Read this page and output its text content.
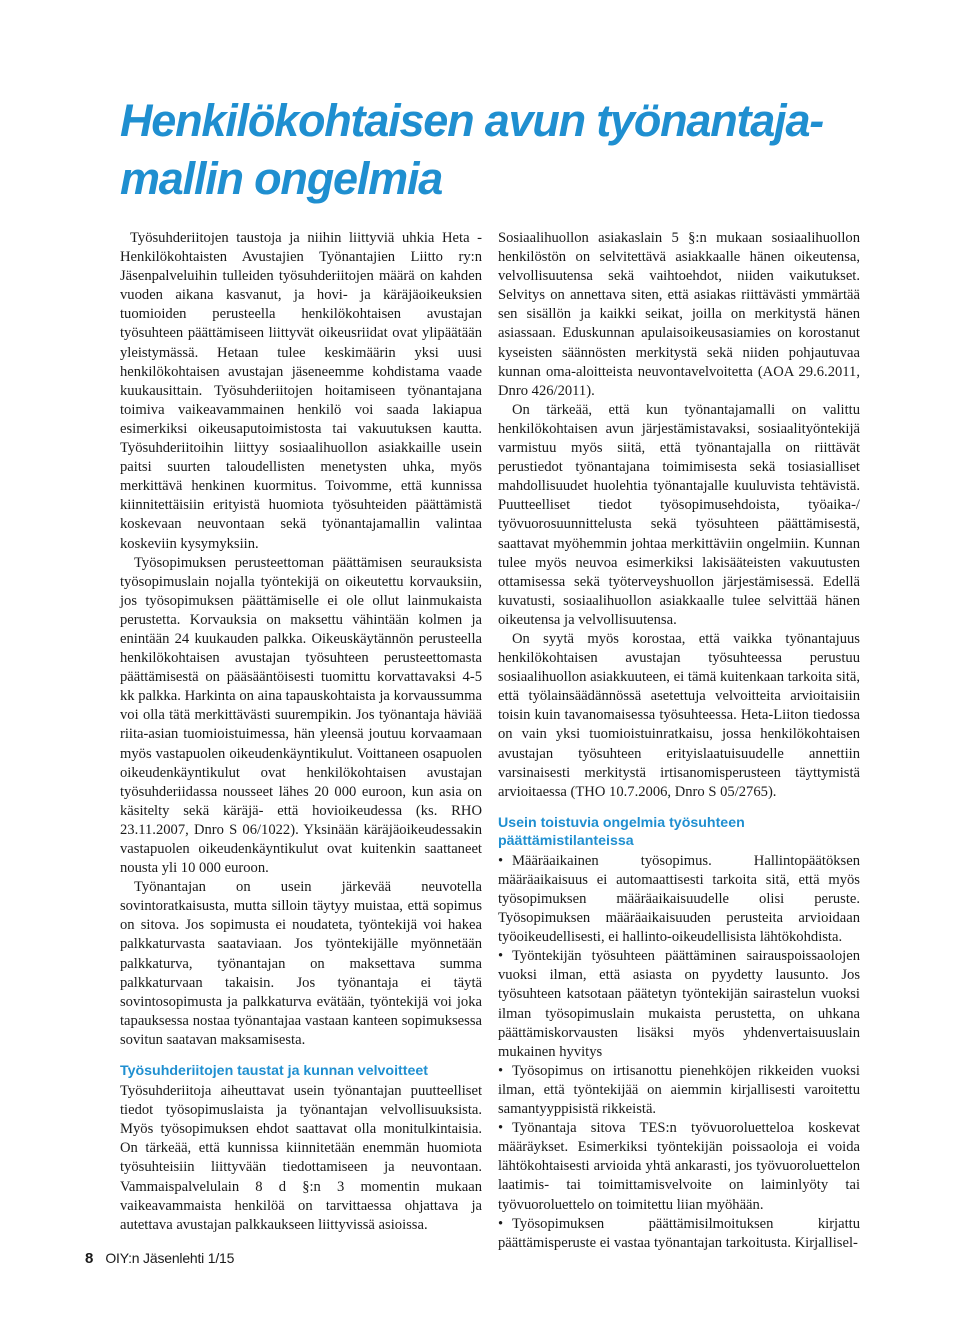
Henkilökohtaisen avun työnantaja-
mallin ongelmia

Työsuhderiitojen taustoja ja niihin liittyviä uhkia Heta - Henkilökohtaisten Avustajien Työnantajien Liitto ry:n Jäsenpalveluihin tulleiden työsuhderiitojen määrä on kahden vuoden aikana kasvanut, ja hovi- ja käräjäoikeuksien tuomioiden perusteella henkilökohtaisen avustajan työsuhteen päättämiseen liittyvät oikeusriidat ovat ylipäätään yleistymässä. Hetaan tulee keskimäärin yksi uusi henkilökohtaisen avustajan jäseneemme kohdistama vaade kuukausittain. Työsuhderiitojen hoitamiseen työnantajana toimiva vaikeavammainen henkilö voi saada lakiapua esimerkiksi oikeusaputoimistosta tai vakuutuksen kautta. Työsuhderiitoihin liittyy sosiaalihuollon asiakkaille usein paitsi suurten taloudellisten menetysten uhka, myös merkittävä henkinen kuormitus. Toivomme, että kunnissa kiinnitettäisiin erityistä huomiota työsuhteiden päättämistä koskevaan neuvontaan sekä työnantajamallin valintaa koskeviin kysymyksiin.

Työsopimuksen perusteettoman päättämisen seurauksista työsopimuslain nojalla työntekijä on oikeutettu korvauksiin, jos työsopimuksen päättämiselle ei ole ollut lainmukaista perustetta. Korvauksia on maksettu vähintään kolmen ja enintään 24 kuukauden palkka. Oikeuskäytännön perusteella henkilökohtaisen avustajan työsuhteen perusteettomasta päättämisestä on pääsääntöisesti tuomittu korvattavaksi 4-5 kk palkka. Harkinta on aina tapauskohtaista ja korvaussumma voi olla tätä merkittävästi suurempikin. Jos työnantaja häviää riita-asian tuomioistuimessa, hän yleensä joutuu korvaamaan myös vastapuolen oikeudenkäyntikulut. Voittaneen osapuolen oikeudenkäyntikulut ovat henkilökohtaisen avustajan työsuhderiidassa nousseet lähes 20 000 euroon, kun asia on käsitelty sekä käräjä- että hovioikeudessa (ks. RHO 23.11.2007, Dnro S 06/1022). Yksinään käräjäoikeudessakin vastapuolen oikeudenkäyntikulut ovat kuitenkin saattaneet nousta yli 10 000 euroon.

Työnantajan on usein järkevää neuvotella sovintoratkaisusta, mutta silloin täytyy muistaa, että sopimus on sitova. Jos sopimusta ei noudateta, työntekijä voi hakea palkkaturvasta saataviaan. Jos työntekijälle myönnetään palkkaturva, työnantajan on maksettava summa palkkaturvaan takaisin. Jos työnantaja ei täytä sovintosopimusta ja palkkaturva evätään, työntekijä voi joka tapauksessa nostaa työnantajaa vastaan kanteen sopimuksessa sovitun saatavan maksamisesta.

Työsuhderiitojen taustat ja kunnan velvoitteet

Työsuhderiitoja aiheuttavat usein työnantajan puutteelliset tiedot työsopimuslaista ja työnantajan velvollisuuksista. Myös työsopimuksen ehdot saattavat olla monitulkintaisia. On tärkeää, että kunnissa kiinnitetään enemmän huomiota työsuhteisiin liittyvään tiedottamiseen ja neuvontaan. Vammaispalvelulain 8 d §:n 3 momentin mukaan vaikeavammaista henkilöä on tarvittaessa ohjattava ja autettava avustajan palkkaukseen liittyvissä asioissa.

Sosiaalihuollon asiakaslain 5 §:n mukaan sosiaalihuollon henkilöstön on selvitettävä asiakkaalle hänen oikeutensa, velvollisuutensa sekä vaihtoehdot, niiden vaikutukset. Selvitys on annettava siten, että asiakas riittävästi ymmärtää sen sisällön ja kaikki seikat, joilla on merkitystä hänen asiassaan. Eduskunnan apulaisoikeusasiamies on korostanut kyseisten säännösten merkitystä sekä niiden pohjautuvaa kunnan oma-aloitteista neuvontavelvoitetta (AOA 29.6.2011, Dnro 426/2011).

On tärkeää, että kun työnantajamalli on valittu henkilökohtaisen avun järjestämistavaksi, sosiaalityöntekijä varmistuu myös siitä, että työnantajalla on riittävät perustiedot työnantajana toimimisesta sekä tosiasialliset mahdollisuudet huolehtia työnantajalle kuuluvista tehtävistä. Puutteelliset tiedot työsopimusehdoista, työaika-/ työvuorosuunnittelusta sekä työsuhteen päättämisestä, saattavat myöhemmin johtaa merkittäviin ongelmiin. Kunnan tulee myös neuvoa esimerkiksi lakisääteisten vakuutusten ottamisessa sekä työterveyshuollon järjestämisessä. Edellä kuvatusti, sosiaalihuollon asiakkaalle tulee selvittää hänen oikeutensa ja velvollisuutensa.

On syytä myös korostaa, että vaikka työnantajuus henkilökohtaisen avustajan työsuhteessa perustuu sosiaalihuollon asiakkuuteen, ei tämä kuitenkaan tarkoita sitä, että työlainsäädännössä asetettuja velvoitteita arvioitaisiin toisin kuin tavanomaisessa työsuhteessa. Heta-Liiton tiedossa on vain yksi tuomioistuinratkaisu, jossa henkilökohtaisen avustajan työsuhteen erityislaatuisuudelle annettiin varsinaisesti merkitystä irtisanomisperusteen täyttymistä arvioitaessa (THO 10.7.2006, Dnro S 05/2765).

Usein toistuvia ongelmia työsuhteen päättämistilanteissa

• Määräaikainen työsopimus. Hallintopäätöksen määräaikaisuus ei automaattisesti tarkoita sitä, että myös työsopimuksen määräaikaisuudelle olisi peruste. Työsopimuksen määräaikaisuuden perusteita arvioidaan työoikeudellisesti, ei hallinto-oikeudellisista lähtökohdista.

• Työntekijän työsuhteen päättäminen sairauspoissaolojen vuoksi ilman, että asiasta on pyydetty lausunto. Jos työsuhteen katsotaan päätetyn työntekijän sairastelun vuoksi ilman työsopimuslain mukaista perustetta, on uhkana päättämiskorvausten lisäksi myös yhdenvertaisuuslain mukainen hyvitys

• Työsopimus on irtisanottu pienehköjen rikkeiden vuoksi ilman, että työntekijää on aiemmin kirjallisesti varoitettu samantyyppisistä rikkeistä.

• Työnantaja sitova TES:n työvuoroluetteloa koskevat määräykset. Esimerkiksi työntekijän poissaoloja ei voida lähtökohtaisesti arvioida yhtä ankarasti, jos työvuoroluettelon laatimis- tai toimittamisvelvoite on laiminlyöty tai työvuoroluettelo on toimitettu liian myöhään.

• Työsopimuksen päättämisilmoituksen kirjattu päättämisperuste ei vastaa työnantajan tarkoitusta. Kirjallisel-

8 OIY:n Jäsenlehti 1/15
